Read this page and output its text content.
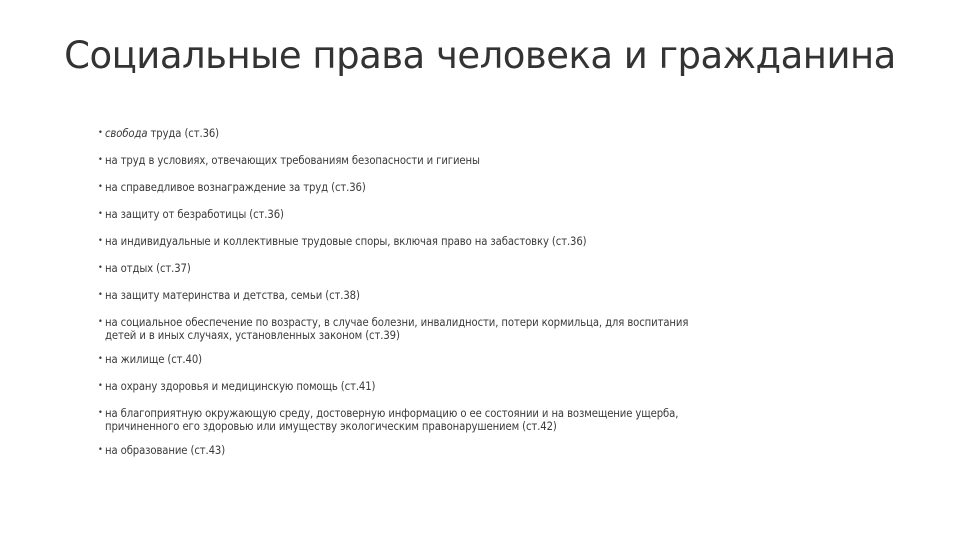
Социальные права человека и гражданина
• свобода труда (ст.36)
• на труд в условиях, отвечающих требованиям безопасности и гигиены
• на справедливое вознаграждение за труд (ст.36)
• на защиту от безработицы (ст.36)
• на индивидуальные и коллективные трудовые споры, включая право на забастовку (ст.36)
• на отдых (ст.37)
• на защиту материнства и детства, семьи (ст.38)
• на социальное обеспечение по возрасту, в случае болезни, инвалидности, потери кормильца, для воспитания
детей и в иных случаях, установленных законом (ст.39)
• на жилище (ст.40)
• на охрану здоровья и медицинскую помощь (ст.41)
• на благоприятную окружающую среду, достоверную информацию о ее состоянии и на возмещение ущерба,
причиненного его здоровью или имуществу экологическим правонарушением (ст.42)
• на образование (ст.43)
